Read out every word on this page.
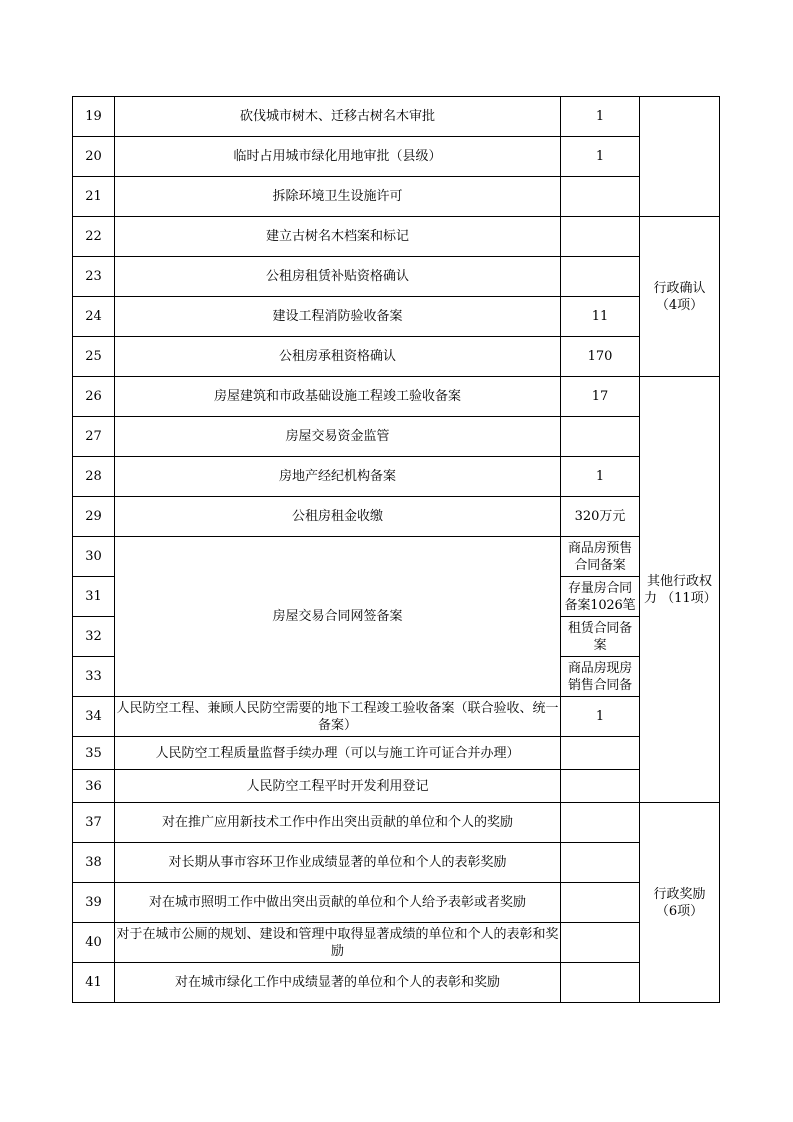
19	砍伐城市树木、迁移古树名木审批	1	
20	临时占用城市绿化用地审批（县级）	1	
21	拆除环境卫生设施许可		
22	建立古树名木档案和标记		行政确认（4项）

23	公租房租赁补贴资格确认		
24	建设工程消防验收备案	11	
25	公租房承租资格确认	170	
26	房屋建筑和市政基础设施工程竣工验收备案	17	其他行政权力 （11项）

27	房屋交易资金监管		
28	房地产经纪机构备案	1	
29	公租房租金收缴	320万元	
30	房屋交易合同网签备案	商品房预售合同备案	
31		存量房合同备案1026笔	
32		租赁合同备案	
33		商品房现房销售合同备	
34	人民防空工程、兼顾人民防空需要的地下工程竣工验收备案（联合验收、统一备案）	1	
35	人民防空工程质量监督手续办理（可以与施工许可证合并办理）		
36	人民防空工程平时开发利用登记		
37	对在推广应用新技术工作中作出突出贡献的单位和个人的奖励		行政奖励（6项）

38	对长期从事市容环卫作业成绩显著的单位和个人的表彰奖励		
39	对在城市照明工作中做出突出贡献的单位和个人给予表彰或者奖励		
40	对于在城市公厕的规划、建设和管理中取得显著成绩的单位和个人的表彰和奖励		
41	对在城市绿化工作中成绩显著的单位和个人的表彰和奖励		
